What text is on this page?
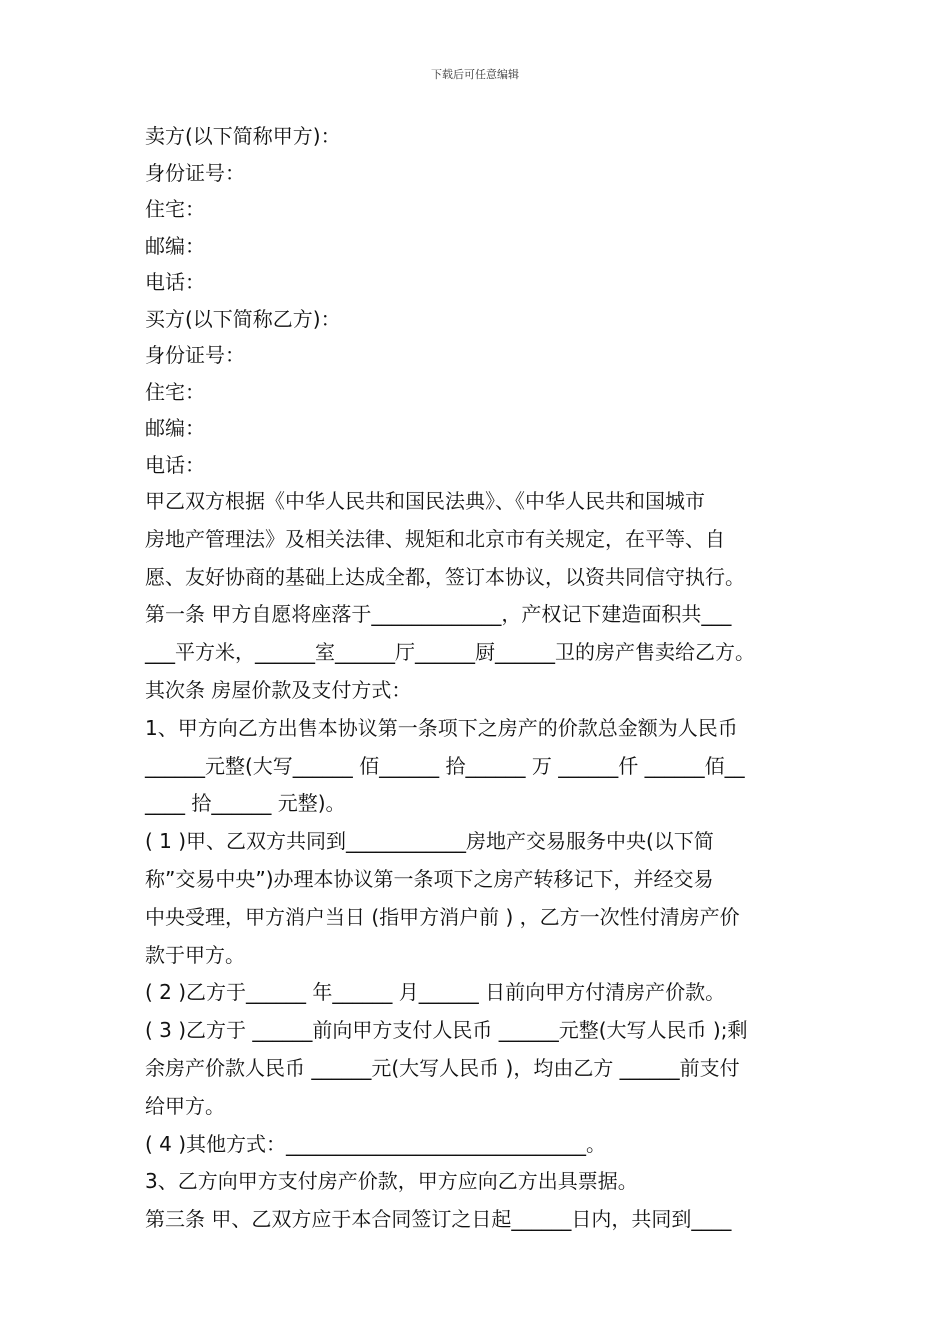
下载后可任意编辑
卖方(以下简称甲方)：
身份证号：
住宅：
邮编：
电话：
买方(以下简称乙方)：
身份证号：
住宅：
邮编：
电话：
甲乙双方根据《中华人民共和国民法典》、《中华人民共和国城市
房地产管理法》及相关法律、规矩和北京市有关规定，在平等、自
愿、友好协商的基础上达成全都，签订本协议，以资共同信守执行。
第一条 甲方自愿将座落于_____________，产权记下建造面积共___
___平方米，______室______厅______厨______卫的房产售卖给乙方。
其次条 房屋价款及支付方式：
1、甲方向乙方出售本协议第一条项下之房产的价款总金额为人民币
______元整(大写______ 佰______ 拾______ 万 ______仟 ______佰__
____ 拾______ 元整)。
( 1 )甲、乙双方共同到____________房地产交易服务中央(以下简
称”交易中央”)办理本协议第一条项下之房产转移记下，并经交易
中央受理，甲方消户当日 (指甲方消户前 ) ，乙方一次性付清房产价
款于甲方。
( 2 )乙方于______ 年______ 月______ 日前向甲方付清房产价款。
( 3 )乙方于 ______前向甲方支付人民币 ______元整(大写人民币 );剩
余房产价款人民币 ______元(大写人民币 )，均由乙方 ______前支付
给甲方。
( 4 )其他方式：______________________________。
3、乙方向甲方支付房产价款，甲方应向乙方出具票据。
第三条 甲、乙双方应于本合同签订之日起______日内，共同到____
